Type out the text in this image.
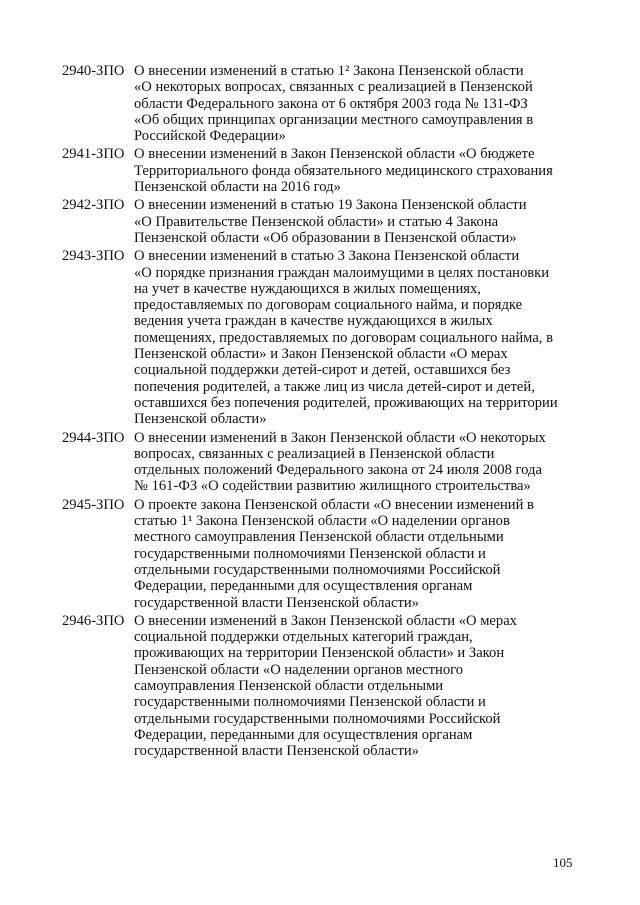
2940-ЗПО О внесении изменений в статью 1² Закона Пензенской области
«О некоторых вопросах, связанных с реализацией в Пензенской
области Федерального закона от 6 октября 2003 года № 131-ФЗ
«Об общих принципах организации местного самоуправления в
Российской Федерации»
2941-ЗПО О внесении изменений в Закон Пензенской области «О бюджете
Территориального фонда обязательного медицинского страхования
Пензенской области на 2016 год»
2942-ЗПО О внесении изменений в статью 19 Закона Пензенской области
«О Правительстве Пензенской области» и статью 4 Закона
Пензенской области «Об образовании в Пензенской области»
2943-ЗПО О внесении изменений в статью 3 Закона Пензенской области
«О порядке признания граждан малоимущими в целях постановки
на учет в качестве нуждающихся в жилых помещениях,
предоставляемых по договорам социального найма, и порядке
ведения учета граждан в качестве нуждающихся в жилых
помещениях, предоставляемых по договорам социального найма, в
Пензенской области» и Закон Пензенской области «О мерах
социальной поддержки детей-сирот и детей, оставшихся без
попечения родителей, а также лиц из числа детей-сирот и детей,
оставшихся без попечения родителей, проживающих на территории
Пензенской области»
2944-ЗПО О внесении изменений в Закон Пензенской области «О некоторых
вопросах, связанных с реализацией в Пензенской области
отдельных положений Федерального закона от 24 июля 2008 года
№ 161-ФЗ «О содействии развитию жилищного строительства»
2945-ЗПО О проекте закона Пензенской области «О внесении изменений в
статью 1¹ Закона Пензенской области «О наделении органов
местного самоуправления Пензенской области отдельными
государственными полномочиями Пензенской области и
отдельными государственными полномочиями Российской
Федерации, переданными для осуществления органам
государственной власти Пензенской области»
2946-ЗПО О внесении изменений в Закон Пензенской области «О мерах
социальной поддержки отдельных категорий граждан,
проживающих на территории Пензенской области» и Закон
Пензенской области «О наделении органов местного
самоуправления Пензенской области отдельными
государственными полномочиями Пензенской области и
отдельными государственными полномочиями Российской
Федерации, переданными для осуществления органам
государственной власти Пензенской области»
105
